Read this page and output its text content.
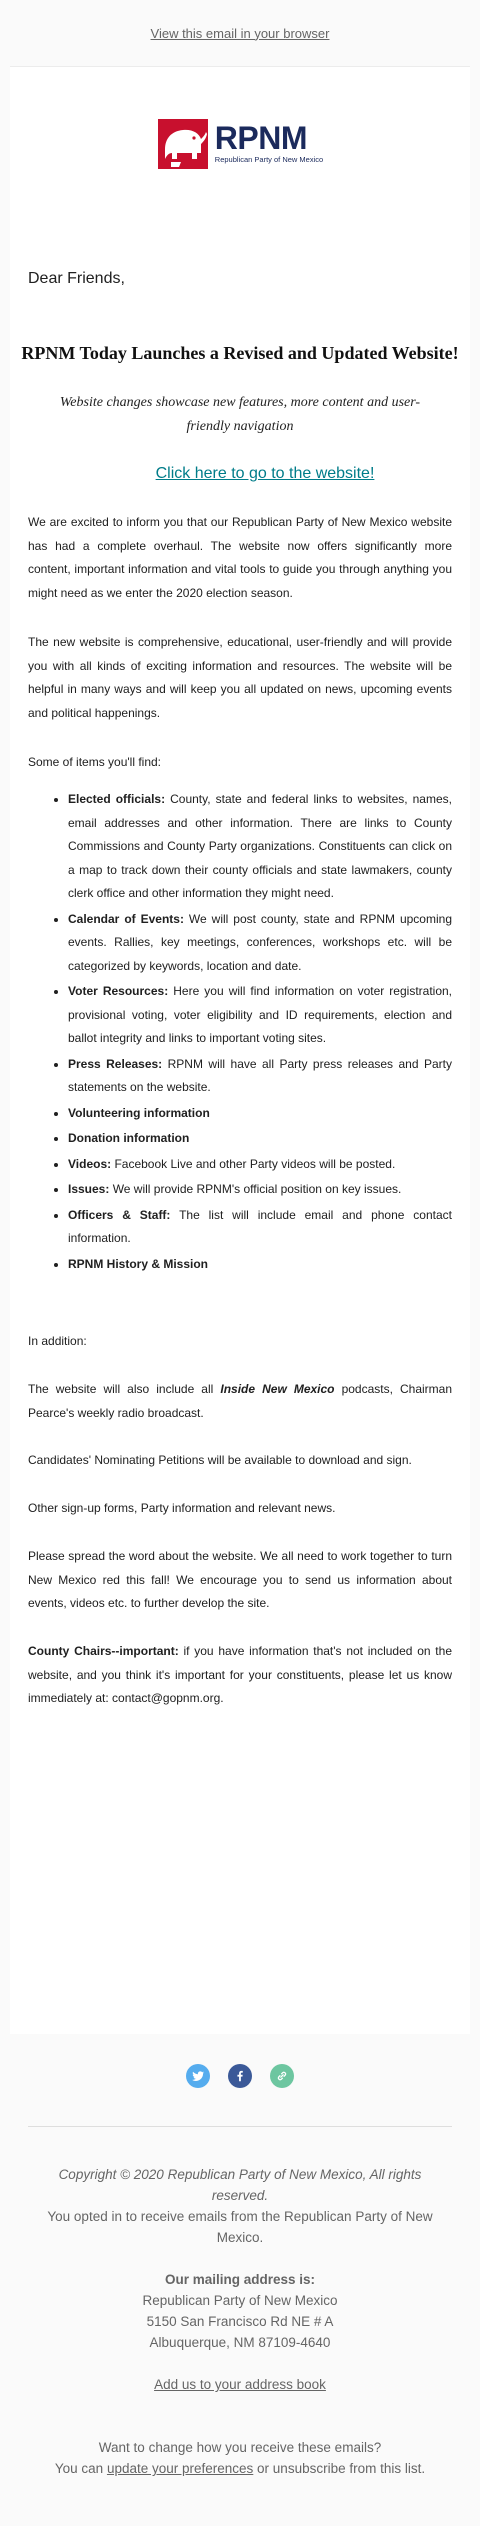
View this email in your browser
RPNM
Republican Party of New Mexico
Dear Friends,
RPNM Today Launches a Revised and Updated Website!
Website changes showcase new features, more content and user-friendly navigation
Click here to go to the website!
We are excited to inform you that our Republican Party of New Mexico website has had a complete overhaul. The website now offers significantly more content, important information and vital tools to guide you through anything you might need as we enter the 2020 election season.
The new website is comprehensive, educational, user-friendly and will provide you with all kinds of exciting information and resources. The website will be helpful in many ways and will keep you all updated on news, upcoming events and political happenings.
Some of items you'll find:
• Elected officials: County, state and federal links to websites, names, email addresses and other information. There are links to County Commissions and County Party organizations. Constituents can click on a map to track down their county officials and state lawmakers, county clerk office and other information they might need.
• Calendar of Events: We will post county, state and RPNM upcoming events. Rallies, key meetings, conferences, workshops etc. will be categorized by keywords, location and date.
• Voter Resources: Here you will find information on voter registration, provisional voting, voter eligibility and ID requirements, election and ballot integrity and links to important voting sites.
• Press Releases: RPNM will have all Party press releases and Party statements on the website.
• Volunteering information
• Donation information
• Videos: Facebook Live and other Party videos will be posted.
• Issues: We will provide RPNM's official position on key issues.
• Officers & Staff: The list will include email and phone contact information.
• RPNM History & Mission
In addition:
The website will also include all Inside New Mexico podcasts, Chairman Pearce's weekly radio broadcast.
Candidates' Nominating Petitions will be available to download and sign.
Other sign-up forms, Party information and relevant news.
Please spread the word about the website. We all need to work together to turn New Mexico red this fall! We encourage you to send us information about events, videos etc. to further develop the site.
County Chairs--important: if you have information that's not included on the website, and you think it's important for your constituents, please let us know immediately at: contact@gopnm.org.
Copyright © 2020 Republican Party of New Mexico, All rights reserved.
You opted in to receive emails from the Republican Party of New Mexico.
Our mailing address is:
Republican Party of New Mexico
5150 San Francisco Rd NE # A
Albuquerque, NM 87109-4640
Add us to your address book
Want to change how you receive these emails?
You can update your preferences or unsubscribe from this list.
